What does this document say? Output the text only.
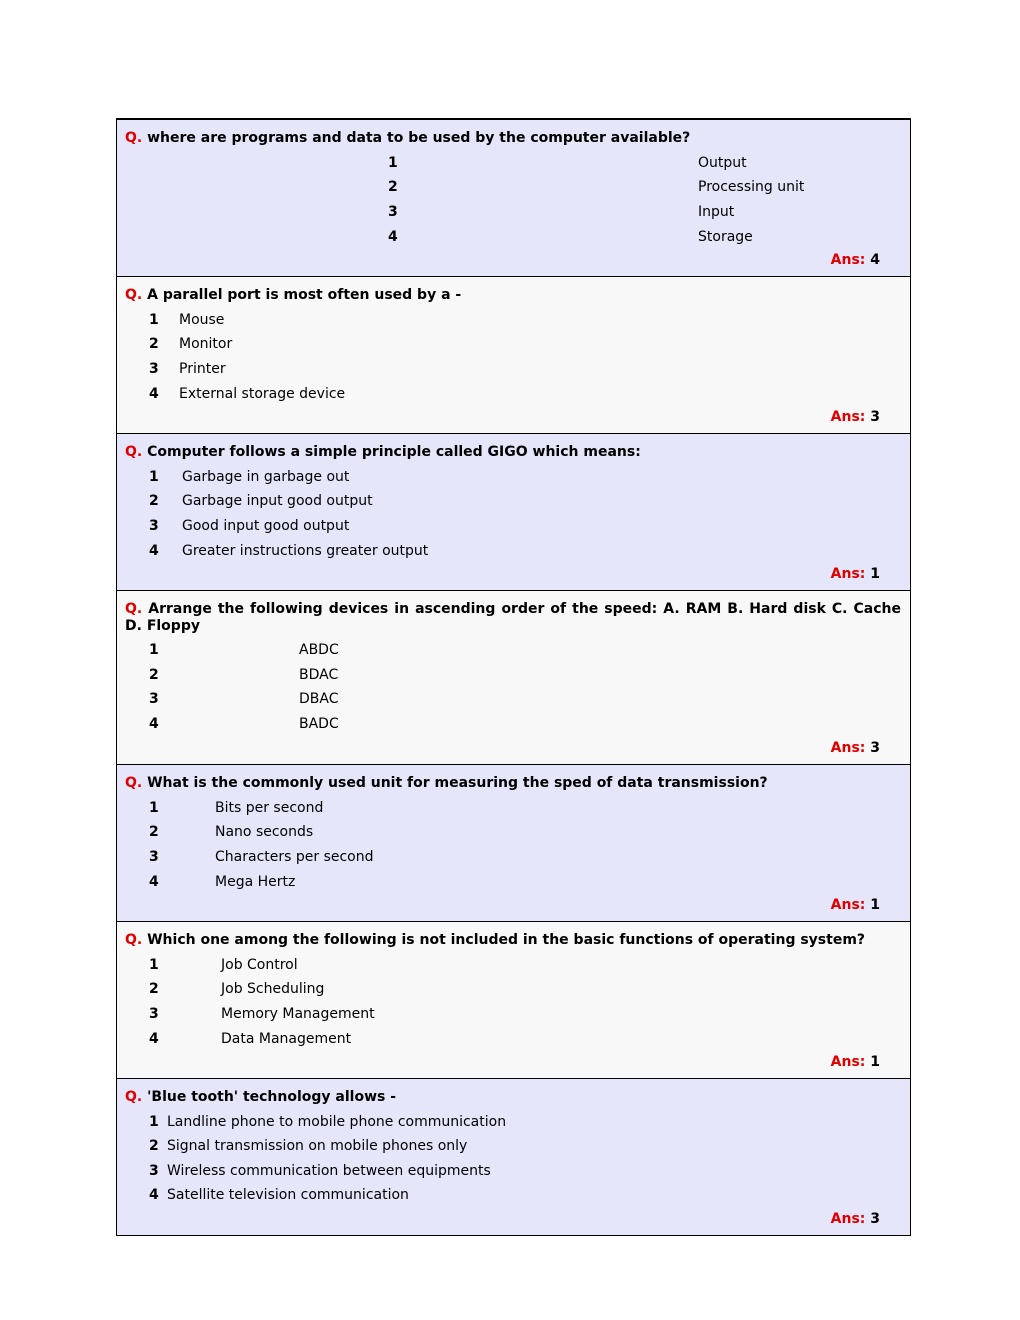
Q. where are programs and data to be used by the computer available?
1	Output
2	Processing unit
3	Input
4	Storage
Ans: 4
Q. A parallel port is most often used by a -
1 Mouse
2 Monitor
3 Printer
4 External storage device
Ans: 3
Q. Computer follows a simple principle called GIGO which means:
1 Garbage in garbage out
2 Garbage input good output
3 Good input good output
4 Greater instructions greater output
Ans: 1
Q. Arrange the following devices in ascending order of the speed: A. RAM B. Hard disk C. Cache D. Floppy
1	ABDC
2	BDAC
3	DBAC
4	BADC
Ans: 3
Q. What is the commonly used unit for measuring the sped of data transmission?
1	Bits per second
2	Nano seconds
3	Characters per second
4	Mega Hertz
Ans: 1
Q. Which one among the following is not included in the basic functions of operating system?
1	Job Control
2	Job Scheduling
3	Memory Management
4	Data Management
Ans: 1
Q. 'Blue tooth' technology allows -
1 Landline phone to mobile phone communication
2 Signal transmission on mobile phones only
3 Wireless communication between equipments
4 Satellite television communication
Ans: 3
